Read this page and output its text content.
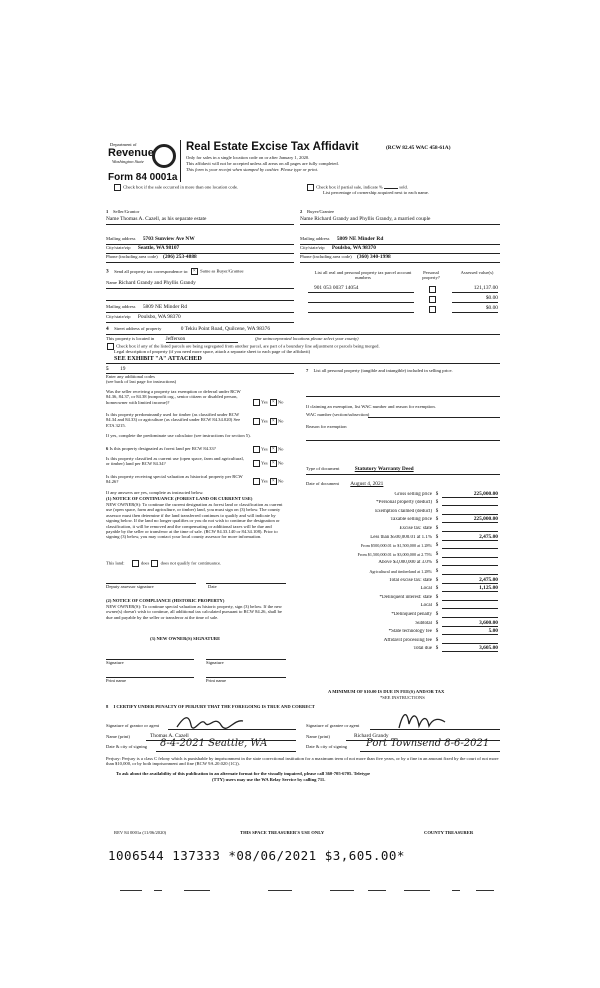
Department of
Revenue
Washington State
Real Estate Excise Tax Affidavit	(RCW 82.45 WAC 458-61A)
Only for sales in a single location code on or after January 1, 2020.
This affidavit will not be accepted unless all areas on all pages are fully completed.
This form is your receipt when stamped by cashier. Please type or print.
Form 84 0001a
Check box if the sale occurred in more than one location code.	Check box if partial sale, indicate %	sold.
List percentage of ownership acquired next to each name.
1 Seller/Grantor
Name Thomas A. Cazell, as his separate estate
Mailing address 5703 Sunview Ave NW
City/state/zip Seattle, WA 98107
Phone (including area code) (206) 253-4888
2 Buyer/Grantee
Name Richard Grandy and Phyllis Grandy, a married couple
Mailing address 5809 NE Minder Rd
City/state/zip Poulsbo, WA 98370
Phone (including area code) (360) 340-1998
3 Send all property tax correspondence to: × Same as Buyer/Grantee
Name Richard Grandy and Phyllis Grandy
Mailing address 5809 NE Minder Rd
City/state/zip Poulsbo, WA 98370
List all real and personal property tax parcel account numbers
Personal property?
Assessed value(s)
901 053 0037 14054	121,137.00
$0.00
$0.00
4 Street address of property	0 Tekiu Point Road, Quilcene, WA 98376
This property is located in Jefferson	(for unincorporated locations please select your county)
Check box if any of the listed parcels are being segregated from another parcel, are part of a boundary line adjustment or parcels being merged.
Legal description of property (if you need more space, attach a separate sheet to each page of the affidavit)
SEE EXHIBIT "A" ATTACHED
5 19
Enter any additional codes
(see back of last page for instructions)
Was the seller receiving a property tax exemption or deferral under RCW 84.36, 84.37, or 84.38 (nonprofit org., senior citizen or disabled person, homeowner with limited income)?	Yes × No
Is this property predominantly used for timber (as classified under RCW 84.34 and 84.33) or agriculture (as classified under RCW 84.34.020) See ETA 3215.
Yes × No
If yes, complete the predominate use calculator (see instructions for section 5).
6 Is this property designated as forest land per RCW 84.33?	Yes × No
Is this property classified as current use (open space, farm and agricultural, or timber) land per RCW 84.34?	Yes × No
Is this property receiving special valuation as historical property per RCW 84.26?	Yes × No
If any answers are yes, complete as instructed below.
(1) NOTICE OF CONTINUANCE (FOREST LAND OR CURRENT USE)
NEW OWNER(S): To continue the current designation as forest land or classification as current use (open space, farm and agriculture, or timber) land, you must sign on (3) below. The county assessor must then determine if the land transferred continues to qualify and will indicate by signing below. If the land no longer qualifies or you do not wish to continue the designation or classification, it will be removed and the compensating or additional taxes will be due and payable by the seller or transferor at the time of sale. (RCW 84.33.140 or 84.34.108). Prior to signing (3) below, you may contact your local county assessor for more information.
This land:	does does not qualify for continuance.
Deputy assessor signature	Date
(2) NOTICE OF COMPLIANCE (HISTORIC PROPERTY)
NEW OWNER(S): To continue special valuation as historic property, sign (3) below. If the new owner(s) doesn't wish to continue, all additional tax calculated pursuant to RCW 84.26, shall be due and payable by the seller or transferor at the time of sale.
(3) NEW OWNER(S) SIGNATURE
Signature	Signature
Print name	Print name
7 List all personal property (tangible and intangible) included in selling price.
If claiming an exemption, list WAC number and reason for exemption.
WAC number (section/subsection)
Reason for exemption
Type of document	Statutory Warranty Deed
Date of document August 4, 2021
Gross selling price $	225,000.00
*Personal property (deduct) $
Exemption claimed (deduct) $
Taxable selling price $	225,000.00
Excise tax: state $
Less than $500,000.01 at 1.1% $	2,475.00
From $500,000.01 to $1,500,000 at 1.28% $
From $1,500,000.01 to $3,000,000 at 2.75% $
Above $3,000,000 at 3.0% $
Agricultural and timberland at 1.28% $
Total excise tax: state $	2,475.00
Local $	1,125.00
*Delinquent interest: state $
Local $
*Delinquent penalty $
Subtotal $	3,600.00
*State technology fee $	5.00
Affidavit processing fee $
Total due $	3,605.00
A MINIMUM OF $10.00 IS DUE IN FEE(S) AND/OR TAX
*SEE INSTRUCTIONS
8 I CERTIFY UNDER PENALTY OF PERJURY THAT THE FOREGOING IS TRUE AND CORRECT
Signature of grantor or agent
Name (print)	Thomas A. Cazell
Date & city of signing 8-4-2021 Seattle, WA
Signature of grantee or agent
Name (print)	Richard Grandy
Date & city of signing Port Townsend 8-6-2021
Perjury: Perjury is a class C felony which is punishable by imprisonment in the state correctional institution for a maximum term of not more than five years, or by a fine in an amount fixed by the court of not more than $10,000, or by both imprisonment and fine (RCW 9A.20.020 (1C)).
To ask about the availability of this publication in an alternate format for the visually impaired, please call 360-705-6705. Teletype
(TTY) users may use the WA Relay Service by calling 711.
REV 84 0001a (11/06/2020)	THIS SPACE TREASURER'S USE ONLY	COUNTY TREASURER
1006544 137333 *08/06/2021 $3,605.00*
